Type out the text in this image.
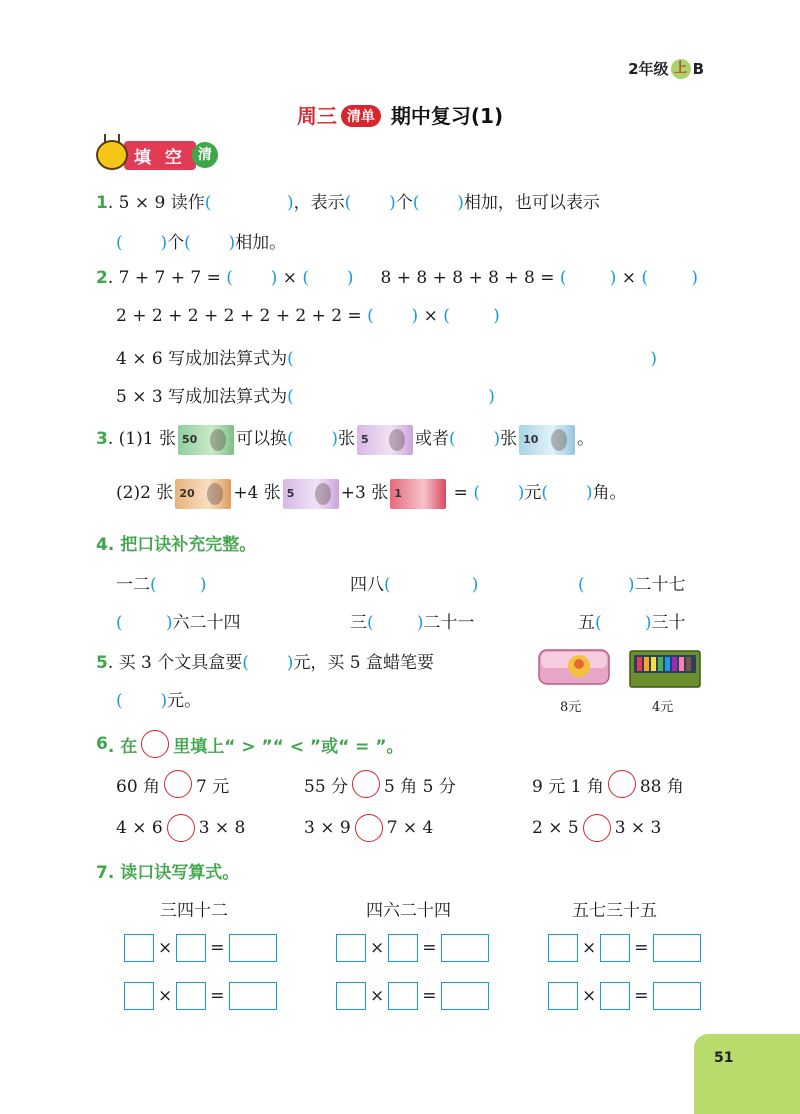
2年级 上 B
周三 清单 期中复习(1)
填 空 清
1. 5 × 9 读作(              )，表示(       )个(       )相加，也可以表示
(       )个(       )相加。
2. 7 + 7 + 7 = (       ) × (       ) 8 + 8 + 8 + 8 + 8 = (        ) × (        )
2 + 2 + 2 + 2 + 2 + 2 + 2 = (       ) × (        )
4 × 6 写成加法算式为(                                                                  )
5 × 3 写成加法算式为(                                    )
3. (1)1 张 50 可以换(       )张 5	或者(       )张 10 。
(2)2 张 20 +4 张 5	+3 张 1	= (       )元(       )角。
4. 把口诀补充完整。
一二(        )	四八(               )	(        )二十七
(        )六二十四	三(        )二十一	五(        )三十
5. 买 3 个文具盒要(       )元，买 5 盒蜡笔要
(       )元。	8元	4元
6 . 在 里填上“ > ”“ < ”或“ = ”。
60 角 7 元	55 分 5 角 5 分	9 元 1 角 88 角
4 × 6 3 × 8	3 × 9 7 × 4	2 × 5 3 × 3
7. 读口诀写算式。
三四十二	四六二十四	五七三十五
× =	× =	× =
× =	× =	× =
51
